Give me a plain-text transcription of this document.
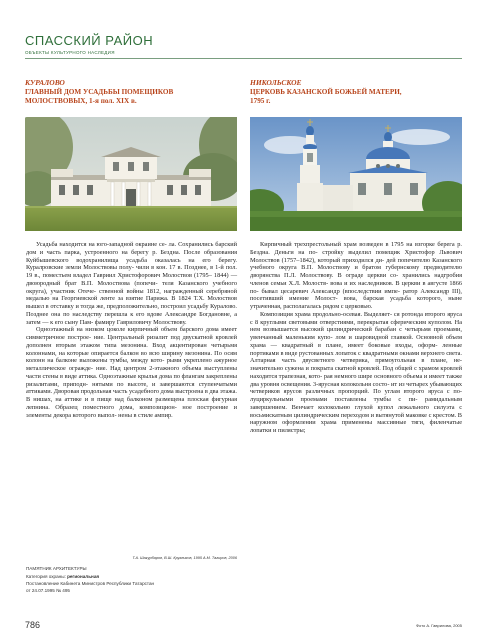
СПАССКИЙ РАЙОН
ОБЪЕКТЫ КУЛЬТУРНОГО НАСЛЕДИЯ
КУРАЛОВО
ГЛАВНЫЙ ДОМ УСАДЬБЫ ПОМЕЩИКОВ
МОЛОСТВОВЫХ, 1-я пол. XIX в.
НИКОЛЬСКОЕ
ЦЕРКОВЬ КАЗАНСКОЙ БОЖЬЕЙ МАТЕРИ,
1795 г.

Усадьба находится на юго-западной окраине се- ла. Сохранились барский дом и часть парка, устроенного на берегу р. Бездна. После образования Куйбышевского водохранилища усадьба оказалась на его берегу. Куралровские земли Молоствовы полу- чили в кон. 17 в. Позднее, в 1-й пол. 19 в., поместьем владел Гавриил Христофорович Молоствов (1795– 1844) — двоюродный брат В.П. Молоствова (попечи- теля Казанского учебного округа), участник Отече- ственной войны 1812, награжденный серебряной медалью на Георгиевской ленте за взятие Парижа. В 1824 Т.Х. Молоствов вышел в отставку и тогда же, предположительно, построил усадьбу Куралово. Позднее она по наследству перешла к его вдове Александре Богдановне, а затем — к его сыну Пам- фамиру Гавриловичу Молоствову.

Одноэтажный на низком цоколе кирпичный объем барского дома имеет симметричное построе- ние. Центральный ризалит под двускатной кровлей дополнен вторым этажом типа мезонина. Вход акцентирован четырьмя колоннами, на которые опирается балкон во всю ширину мезонина. По осям колонн на балконе выложены тумбы, между кото- рыми укреплено ажурное металлическое огражде- ние. Над центром 2-этажного объема выступлены части стены в виде аттика. Одноэтажные крылья дома по флангам закреплены ризалитами, приподн- нятыми по высоте, и завершаются ступенчатыми аттиками. Дворовая продольная часть усадебного дома выстроена в два этажа. В нишах, на аттике и в пище над балконом размещена плоская фигурная лепнина. Образец поместного дома, композицион- ное построение и элементы декора которого выпол- нены в стиле ампир.

Т.А. Шакурбаров, В.Ш. Кругликов, 1995 А.М. Тагиров, 2006
ПАМЯТНИК АРХИТЕКТУРЫ
Категория охраны: региональная
Постановление Кабинета Министров Республики Татарстан
от 24.07.1995 № 495

Кирпичный трехпрестольный храм возведен в 1795 на взгорке берега р. Бездна. Деньги на по- стройку выделил помещик Христофор Львович Молоствов (1757–1842), который приходился ди- дей попечителю Казанского учебного округа В.П. Молоствову и братом губернскому предводителю дворянства П.Л. Молоствову. В ограде церкви со- хранились надгробия членов семьи Х.Л. Молоств- вова и их наследников. В церкви в августе 1866 по- бывал цесаревич Александр (впоследствии импе- ратор Александр III), посетивший имение Молост- вова, барская усадьба которого, ныне утраченная, располагалась рядом с церковью.

Композиция храма продольно-осевая. Выделяет- ся ротонда второго яруса с 8 круглыми световыми отверстиями, перекрытая сферическим куполом. На нем возвышается высокий цилиндрический барабан с четырьмя проемами, увенчанный маленьким купо- лом и шаровидной главкой. Основной объем храма — квадратный в плане, имеет боковые входы, оформ- ленные портиками в виде рустованных лопаток с квадратными окнами верхнего света. Алтарная часть двусветного четверика, прямоугольная в плане, не- значительно сужена и покрыта скатной кровлей. Под общей с храмом кровлей находится трапезная, кото- рая немного шире основного объема и имеет также два уровня освещения. 3-ярусная колокольня состо- ит из четырех убывающих четвериков ярусов различных пропорций. По углам второго яруса с по- луциркульными проемами поставлены тумбы с пи- рамидальным завершением. Венчает колокольню глухой купол лежального силуэта с восьмискатным цилиндрическим переходом и вытянутой маковке с крестом. В наружном оформлении храма применены массивные тяги, филенчатые лопатки и пилястры;

786	Фото А. Гаврилова, 2005
